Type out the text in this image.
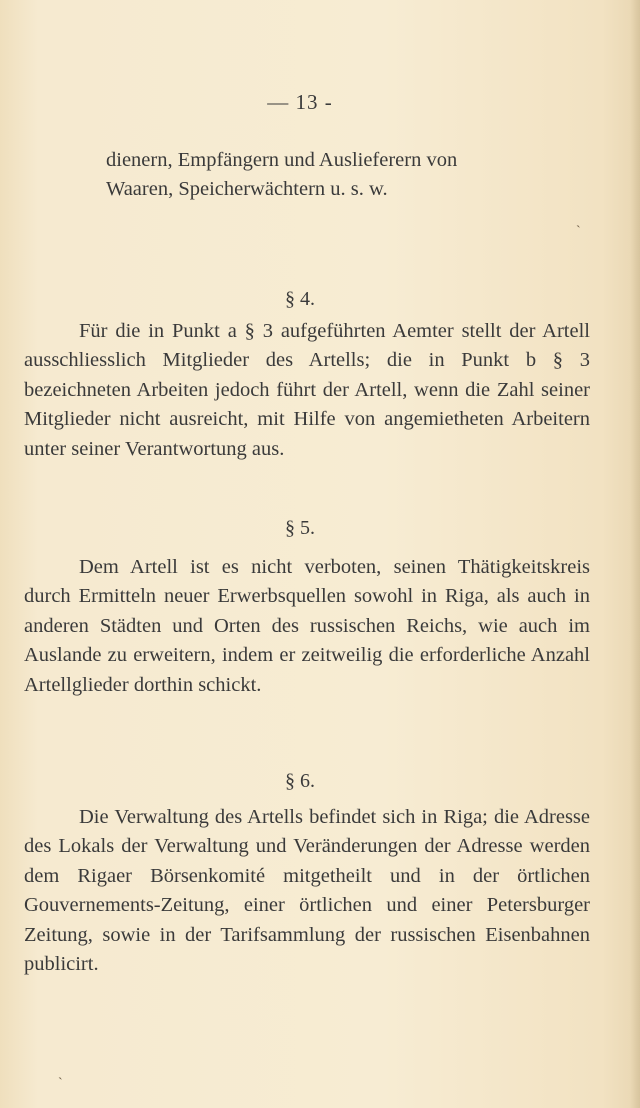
— 13 -

dienern, Empfängern und Auslieferern von

Waaren, Speicherwächtern u. s. w.

§ 4.

Für die in Punkt a § 3 aufgeführten Aemter stellt der Artell ausschliesslich Mitglieder des Artells; die in Punkt b § 3 bezeichneten Arbeiten jedoch führt der Artell, wenn die Zahl seiner Mitglieder nicht ausreicht, mit Hilfe von angemietheten Arbeitern unter seiner Verantwortung aus.

§ 5.

Dem Artell ist es nicht verboten, seinen Thätigkeitskreis durch Ermitteln neuer Erwerbsquellen sowohl in Riga, als auch in anderen Städten und Orten des russischen Reichs, wie auch im Auslande zu erweitern, indem er zeitweilig die erforderliche Anzahl Artellglieder dorthin schickt.

§ 6.

Die Verwaltung des Artells befindet sich in Riga; die Adresse des Lokals der Verwaltung und Veränderungen der Adresse werden dem Rigaer Börsenkomité mitgetheilt und in der örtlichen Gouvernements-Zeitung, einer örtlichen und einer Petersburger Zeitung, sowie in der Tarifsammlung der russischen Eisenbahnen publicirt.

ˋ
ˋ
